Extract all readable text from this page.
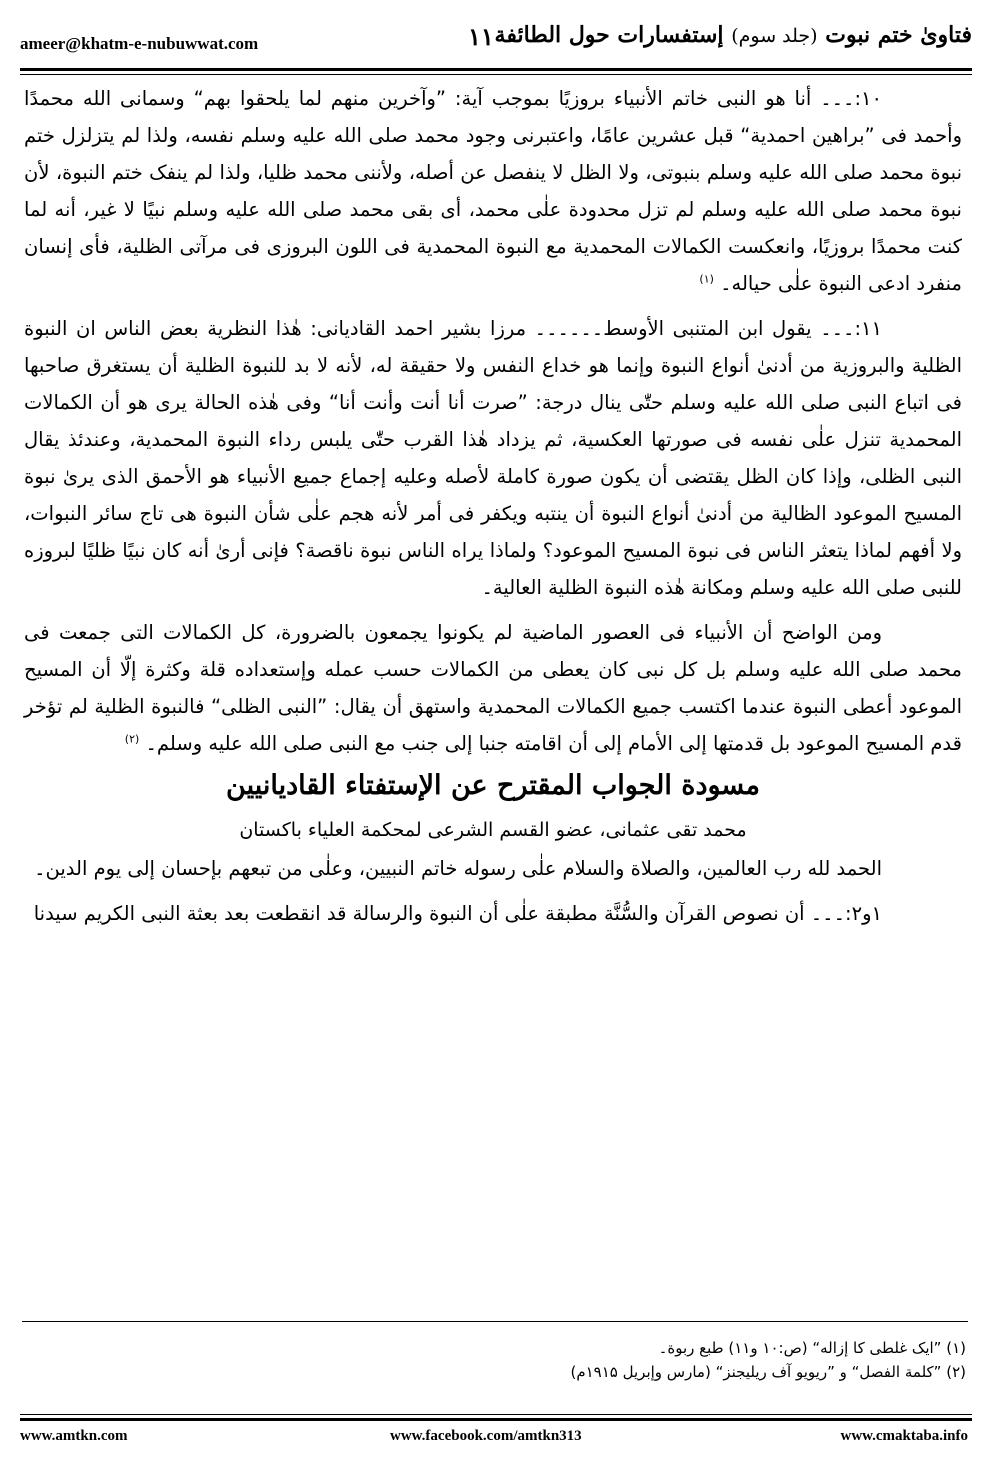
فتاویٰ ختم نبوت (جلد سوم) إستفسارات حول الطائفة
۱۱
ameer@khatm-e-nubuwwat.com

۱۰:۔۔۔ أنا هو النبی خاتم الأنبیاء بروزیًا بموجب آیة: ”وآخرین منهم لما یلحقوا بهم“ وسمانی الله محمدًا وأحمد فی ”براهین احمدیة“ قبل عشرین عامًا، واعتبرنی وجود محمد صلی الله علیه وسلم نفسه، ولذا لم یتزلزل ختم نبوة محمد صلی الله علیه وسلم بنبوتی، ولا الظل لا ینفصل عن أصله، ولأننی محمد ظلیا، ولذا لم ینفک ختم النبوة، لأن نبوة محمد صلی الله علیه وسلم لم تزل محدودة علٰی محمد، أی بقی محمد صلی الله علیه وسلم نبیًا لا غیر، أنه لما کنت محمدًا بروزیًا، وانعکست الکمالات المحمدیة مع النبوة المحمدیة فی اللون البروزی فی مرآتی الظلیة، فأی إنسان منفرد ادعی النبوة علٰی حیاله۔ $^{(۱)}$

۱۱:۔۔۔ یقول ابن المتنبی الأوسط۔۔۔۔۔۔ مرزا بشیر احمد القادیانی: هٰذا النظریة بعض الناس ان النبوة الظلیة والبروزیة من أدنیٰ أنواع النبوة وإنما هو خداع النفس ولا حقیقة له، لأنه لا بد للنبوة الظلیة أن یستغرق صاحبها فی اتباع النبی صلی الله علیه وسلم حتّٰی ینال درجة: ”صرت أنا أنت وأنت أنا“ وفی هٰذه الحالة یری هو أن الکمالات المحمدیة تنزل علٰی نفسه فی صورتها العکسیة، ثم یزداد هٰذا القرب حتّٰی یلبس رداء النبوة المحمدیة، وعندئذ یقال النبی الظلی، وإذا کان الظل یقتضی أن یکون صورة کاملة لأصله وعلیه إجماع جمیع الأنبیاء هو الأحمق الذی یریٰ نبوة المسیح الموعود الظالیة من أدنیٰ أنواع النبوة أن ینتبه ویکفر فی أمر لأنه هجم علٰی شأن النبوة هی تاج سائر النبوات، ولا أفهم لماذا یتعثر الناس فی نبوة المسیح الموعود؟ ولماذا یراه الناس نبوة ناقصة؟ فإنی أریٰ أنه کان نبیًا ظلیًا لبروزه للنبی صلی الله علیه وسلم ومکانة هٰذه النبوة الظلیة العالیة۔

ومن الواضح أن الأنبیاء فی العصور الماضیة لم یکونوا یجمعون بالضرورة، کل الکمالات التی جمعت فی محمد صلی الله علیه وسلم بل کل نبی کان یعطی من الکمالات حسب عمله وإستعداده قلة وکثرة إلّا أن المسیح الموعود أعطی النبوة عندما اکتسب جمیع الکمالات المحمدیة واستهق أن یقال: ”النبی الظلی“ فالنبوة الظلیة لم تؤخر قدم المسیح الموعود بل قدمتها إلی الأمام إلی أن اقامته جنبا إلی جنب مع النبی صلی الله علیه وسلم۔ $^{(۲)}$

مسودة الجواب المقترح عن الإستفتاء القادیانیین

محمد تقی عثمانی، عضو القسم الشرعی لمحکمة العلیاء باکستان

الحمد لله رب العالمین، والصلاة والسلام علٰی رسوله خاتم النبیین، وعلٰی من تبعهم بإحسان إلی یوم الدین۔

۱و۲:۔۔۔ أن نصوص القرآن والسُّنَّة مطبقة علٰی أن النبوة والرسالة قد انقطعت بعد بعثة النبی الکریم سیدنا

(۱) ”ایک غلطی کا إزاله“ (ص:۱۰ و۱۱) طبع ربوة۔
(۲) ”کلمة الفصل“ و ”ریویو آف ریلیجنز“ (مارس وإبریل ۱۹۱۵م)
www.amtkn.com	www.facebook.com/amtkn313	www.cmaktaba.info
